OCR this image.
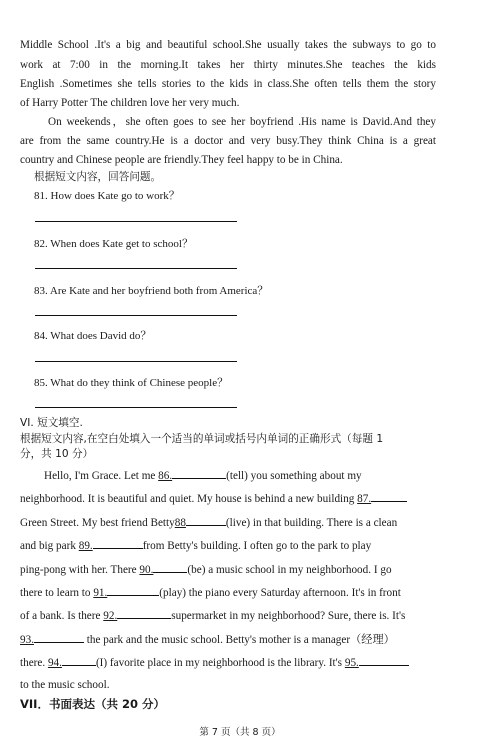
Middle School .It's a big and beautiful school.She usually takes the subways to go to
work at 7:00 in the morning.It takes her thirty minutes.She teaches the kids
English .Sometimes she tells stories to the kids in class.She often tells them the story
of Harry Potter The children love her very much.
On weekends，she often goes to see her boyfriend .His name is David.And they
are from the same country.He is a doctor and very busy.They think China is a great
country and Chinese people are friendly.They feel happy to be in China.
根据短文内容，回答问题。
81. How does Kate go to work？
82. When does Kate get to school？
83. Are Kate and her boyfriend both from America？
84. What does David do？
85. What do they think of Chinese people？
VI. 短文填空.
根据短文内容,在空白处填入一个适当的单词或括号内单词的正确形式（每题 1
分，共 10 分）
Hello, I'm Grace. Let me 86.	(tell) you something about my
neighborhood. It is beautiful and quiet. My house is behind a new building 87.
Green Street. My best friend Betty88	(live) in that building. There is a clean
and big park 89.	from Betty's building. I often go to the park to play
ping-pong with her. There 90.	(be) a music school in my neighborhood. I go
there to learn to 91.	(play) the piano every Saturday afternoon. It's in front
of a bank. Is there 92.	supermarket in my neighborhood? Sure, there is. It's
93.	the park and the music school. Betty's mother is a manager（经理）
there. 94.	(I) favorite place in my neighborhood is the library. It's 95.
to the music school.
VII．书面表达（共 20 分）
第 7 页（共 8 页）
